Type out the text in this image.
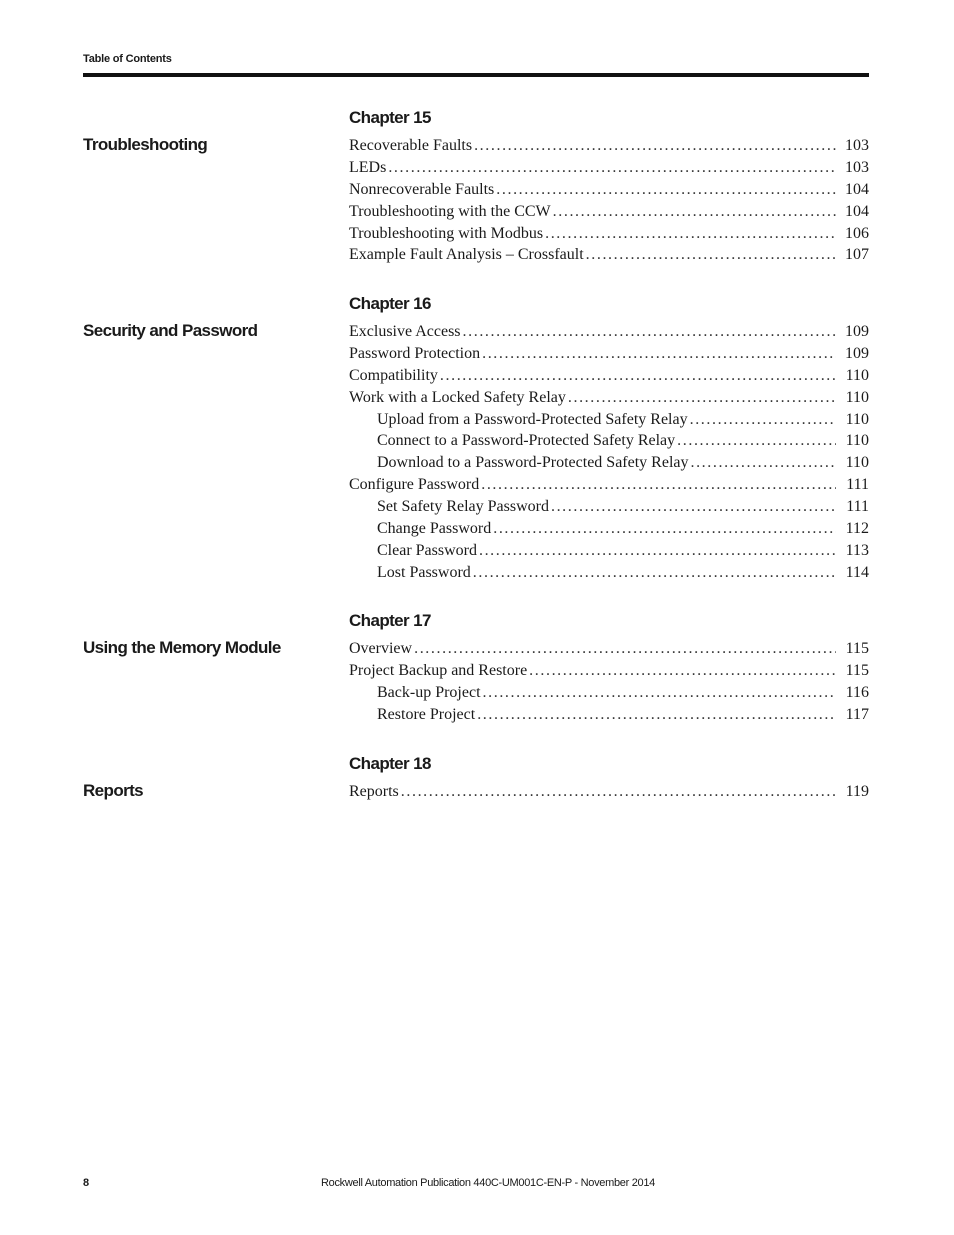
Table of Contents
Chapter 15
Troubleshooting	Recoverable Faults . . .	103
LEDs . . .	103
Nonrecoverable Faults . . .	104
Troubleshooting with the CCW . . .	104
Troubleshooting with Modbus . . .	106
Example Fault Analysis – Crossfault . . .	107
Chapter 16
Security and Password	Exclusive Access . . .	109
Password Protection . . .	109
Compatibility . . .	110
Work with a Locked Safety Relay . . .	110
Upload from a Password-Protected Safety Relay . . .	110
Connect to a Password-Protected Safety Relay . . .	110
Download to a Password-Protected Safety Relay . . .	110
Configure Password . . .	111
Set Safety Relay Password . . .	111
Change Password . . .	112
Clear Password . . .	113
Lost Password . . .	114
Chapter 17
Using the Memory Module	Overview . . .	115
Project Backup and Restore . . .	115
Back-up Project . . .	116
Restore Project . . .	117
Chapter 18
Reports	Reports . . .	119
8	Rockwell Automation Publication 440C-UM001C-EN-P - November 2014
